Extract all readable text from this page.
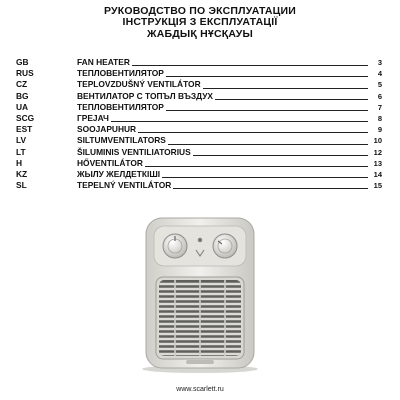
РУКОВОДСТВО ПО ЭКСПЛУАТАЦИИ
ІНСТРУКЦІЯ З ЕКСПЛУАТАЦІЇ
ЖАБДЫҚ НҰСҚАУЫ
GB	FAN HEATER	3
RUS	ТЕПЛОВЕНТИЛЯТОР	4
CZ	TEPLOVZDUŠNÝ VENTILÁTOR	5
BG	ВЕНТИЛАТОР С ТОПЪЛ ВЪЗДУХ	6
UA	ТЕПЛОВЕНТИЛЯТОР	7
SCG	ГРЕЈАЧ	8
EST	SOOJAPUHUR	9
LV	SILTUMVENTILATORS	10
LT	ŠILUMINIS VENTILIATORIUS	12
H	HŐVENTILÁTOR	13
KZ	ЖЫЛУ ЖЕЛДЕТКІШІ	14
SL	TEPELNÝ VENTILÁTOR	15
www.scarlett.ru
